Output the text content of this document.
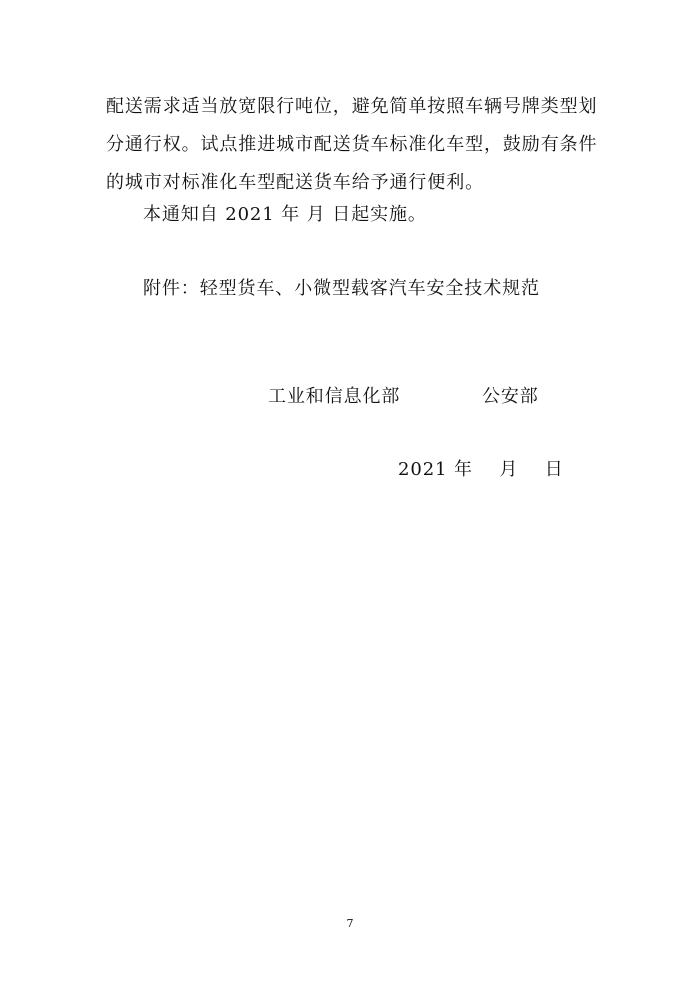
配送需求适当放宽限行吨位，避免简单按照车辆号牌类型划
分通行权。试点推进城市配送货车标准化车型，鼓励有条件
的城市对标准化车型配送货车给予通行便利。
本通知自 2021 年 月 日起实施。
附件：轻型货车、小微型载客汽车安全技术规范
工业和信息化部	公安部
2021 年    月    日
7
